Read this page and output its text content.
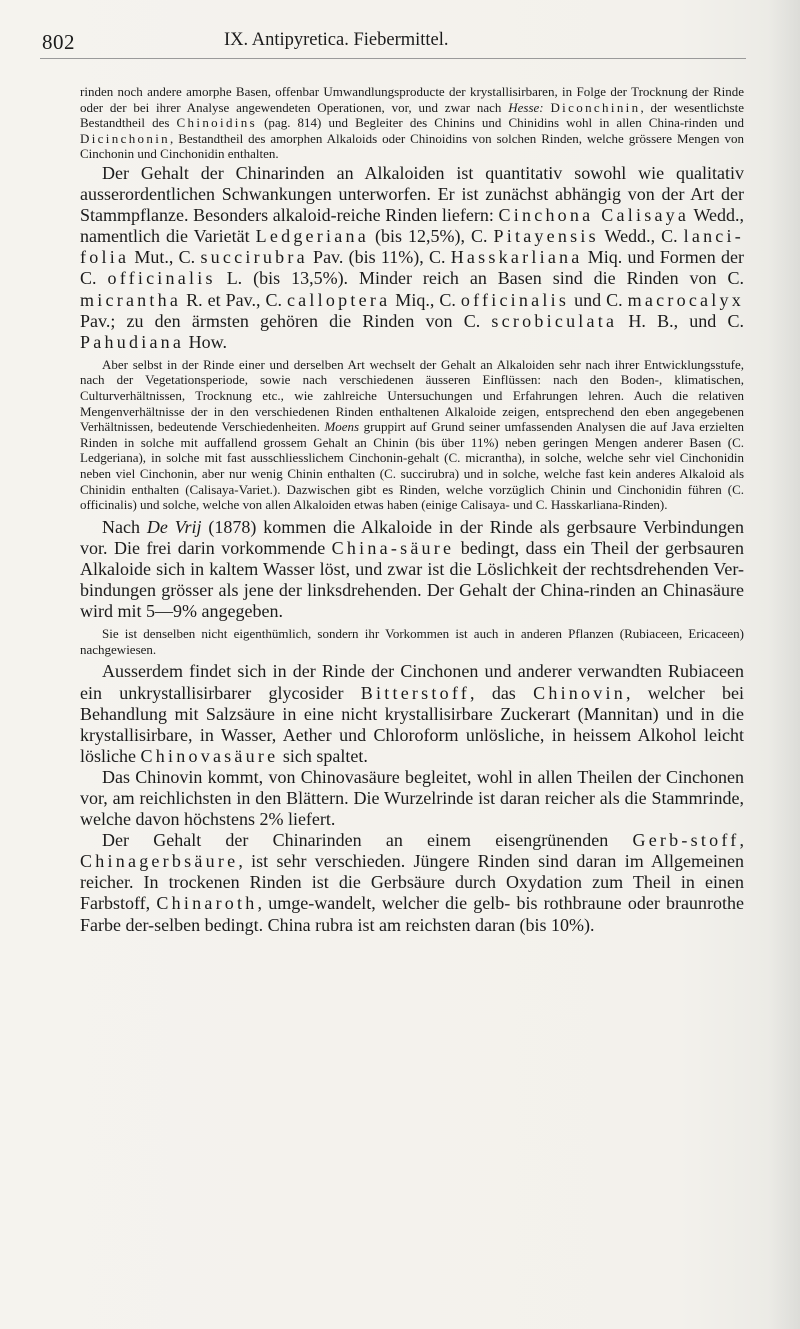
802	IX. Antipyretica. Fiebermittel.

rinden noch andere amorphe Basen, offenbar Umwandlungsproducte der krystallisirbaren, in Folge der Trocknung der Rinde oder der bei ihrer Analyse angewendeten Operationen, vor, und zwar nach Hesse: Diconchinin, der wesentlichste Bestandtheil des Chinoidins (pag. 814) und Begleiter des Chinins und Chinidins wohl in allen China-rinden und Dicinchonin, Bestandtheil des amorphen Alkaloids oder Chinoidins von solchen Rinden, welche grössere Mengen von Cinchonin und Cinchonidin enthalten.

Der Gehalt der Chinarinden an Alkaloiden ist quantitativ sowohl wie qualitativ ausserordentlichen Schwankungen unterworfen. Er ist zunächst abhängig von der Art der Stammpflanze. Besonders alkaloid-reiche Rinden liefern: Cinchona Calisaya Wedd., namentlich die Varietät Ledgeriana (bis 12,5%), C. Pitayensis Wedd., C. lanci-folia Mut., C. succirubra Pav. (bis 11%), C. Hasskarliana Miq. und Formen der C. officinalis L. (bis 13,5%). Minder reich an Basen sind die Rinden von C. micrantha R. et Pav., C. calloptera Miq., C. officinalis und C. macrocalyx Pav.; zu den ärmsten gehören die Rinden von C. scrobiculata H. B., und C. Pahudiana How.

Aber selbst in der Rinde einer und derselben Art wechselt der Gehalt an Alkaloiden sehr nach ihrer Entwicklungsstufe, nach der Vegetationsperiode, sowie nach verschiedenen äusseren Einflüssen: nach den Boden-, klimatischen, Culturverhältnissen, Trocknung etc., wie zahlreiche Untersuchungen und Erfahrungen lehren. Auch die relativen Mengenverhältnisse der in den verschiedenen Rinden enthaltenen Alkaloide zeigen, entsprechend den eben angegebenen Verhältnissen, bedeutende Verschiedenheiten. Moens gruppirt auf Grund seiner umfassenden Analysen die auf Java erzielten Rinden in solche mit auffallend grossem Gehalt an Chinin (bis über 11%) neben geringen Mengen anderer Basen (C. Ledgeriana), in solche mit fast ausschliesslichem Cinchonin-gehalt (C. micrantha), in solche, welche sehr viel Cinchonidin neben viel Cinchonin, aber nur wenig Chinin enthalten (C. succirubra) und in solche, welche fast kein anderes Alkaloid als Chinidin enthalten (Calisaya-Variet.). Dazwischen gibt es Rinden, welche vorzüglich Chinin und Cinchonidin führen (C. officinalis) und solche, welche von allen Alkaloiden etwas haben (einige Calisaya- und C. Hasskarliana-Rinden).

Nach De Vrij (1878) kommen die Alkaloide in der Rinde als gerbsaure Verbindungen vor. Die frei darin vorkommende China-säure bedingt, dass ein Theil der gerbsauren Alkaloide sich in kaltem Wasser löst, und zwar ist die Löslichkeit der rechtsdrehenden Ver-bindungen grösser als jene der linksdrehenden. Der Gehalt der China-rinden an Chinasäure wird mit 5—9% angegeben.

Sie ist denselben nicht eigenthümlich, sondern ihr Vorkommen ist auch in anderen Pflanzen (Rubiaceen, Ericaceen) nachgewiesen.

Ausserdem findet sich in der Rinde der Cinchonen und anderer verwandten Rubiaceen ein unkrystallisirbarer glycosider Bitterstoff, das Chinovin, welcher bei Behandlung mit Salzsäure in eine nicht krystallisirbare Zuckerart (Mannitan) und in die krystallisirbare, in Wasser, Aether und Chloroform unlösliche, in heissem Alkohol leicht lösliche Chinovasäure sich spaltet.

Das Chinovin kommt, von Chinovasäure begleitet, wohl in allen Theilen der Cinchonen vor, am reichlichsten in den Blättern. Die Wurzelrinde ist daran reicher als die Stammrinde, welche davon höchstens 2% liefert.

Der Gehalt der Chinarinden an einem eisengrünenden Gerb-stoff, Chinagerbsäure, ist sehr verschieden. Jüngere Rinden sind daran im Allgemeinen reicher. In trockenen Rinden ist die Gerbsäure durch Oxydation zum Theil in einen Farbstoff, Chinaroth, umge-wandelt, welcher die gelb- bis rothbraune oder braunrothe Farbe der-selben bedingt. China rubra ist am reichsten daran (bis 10%).
